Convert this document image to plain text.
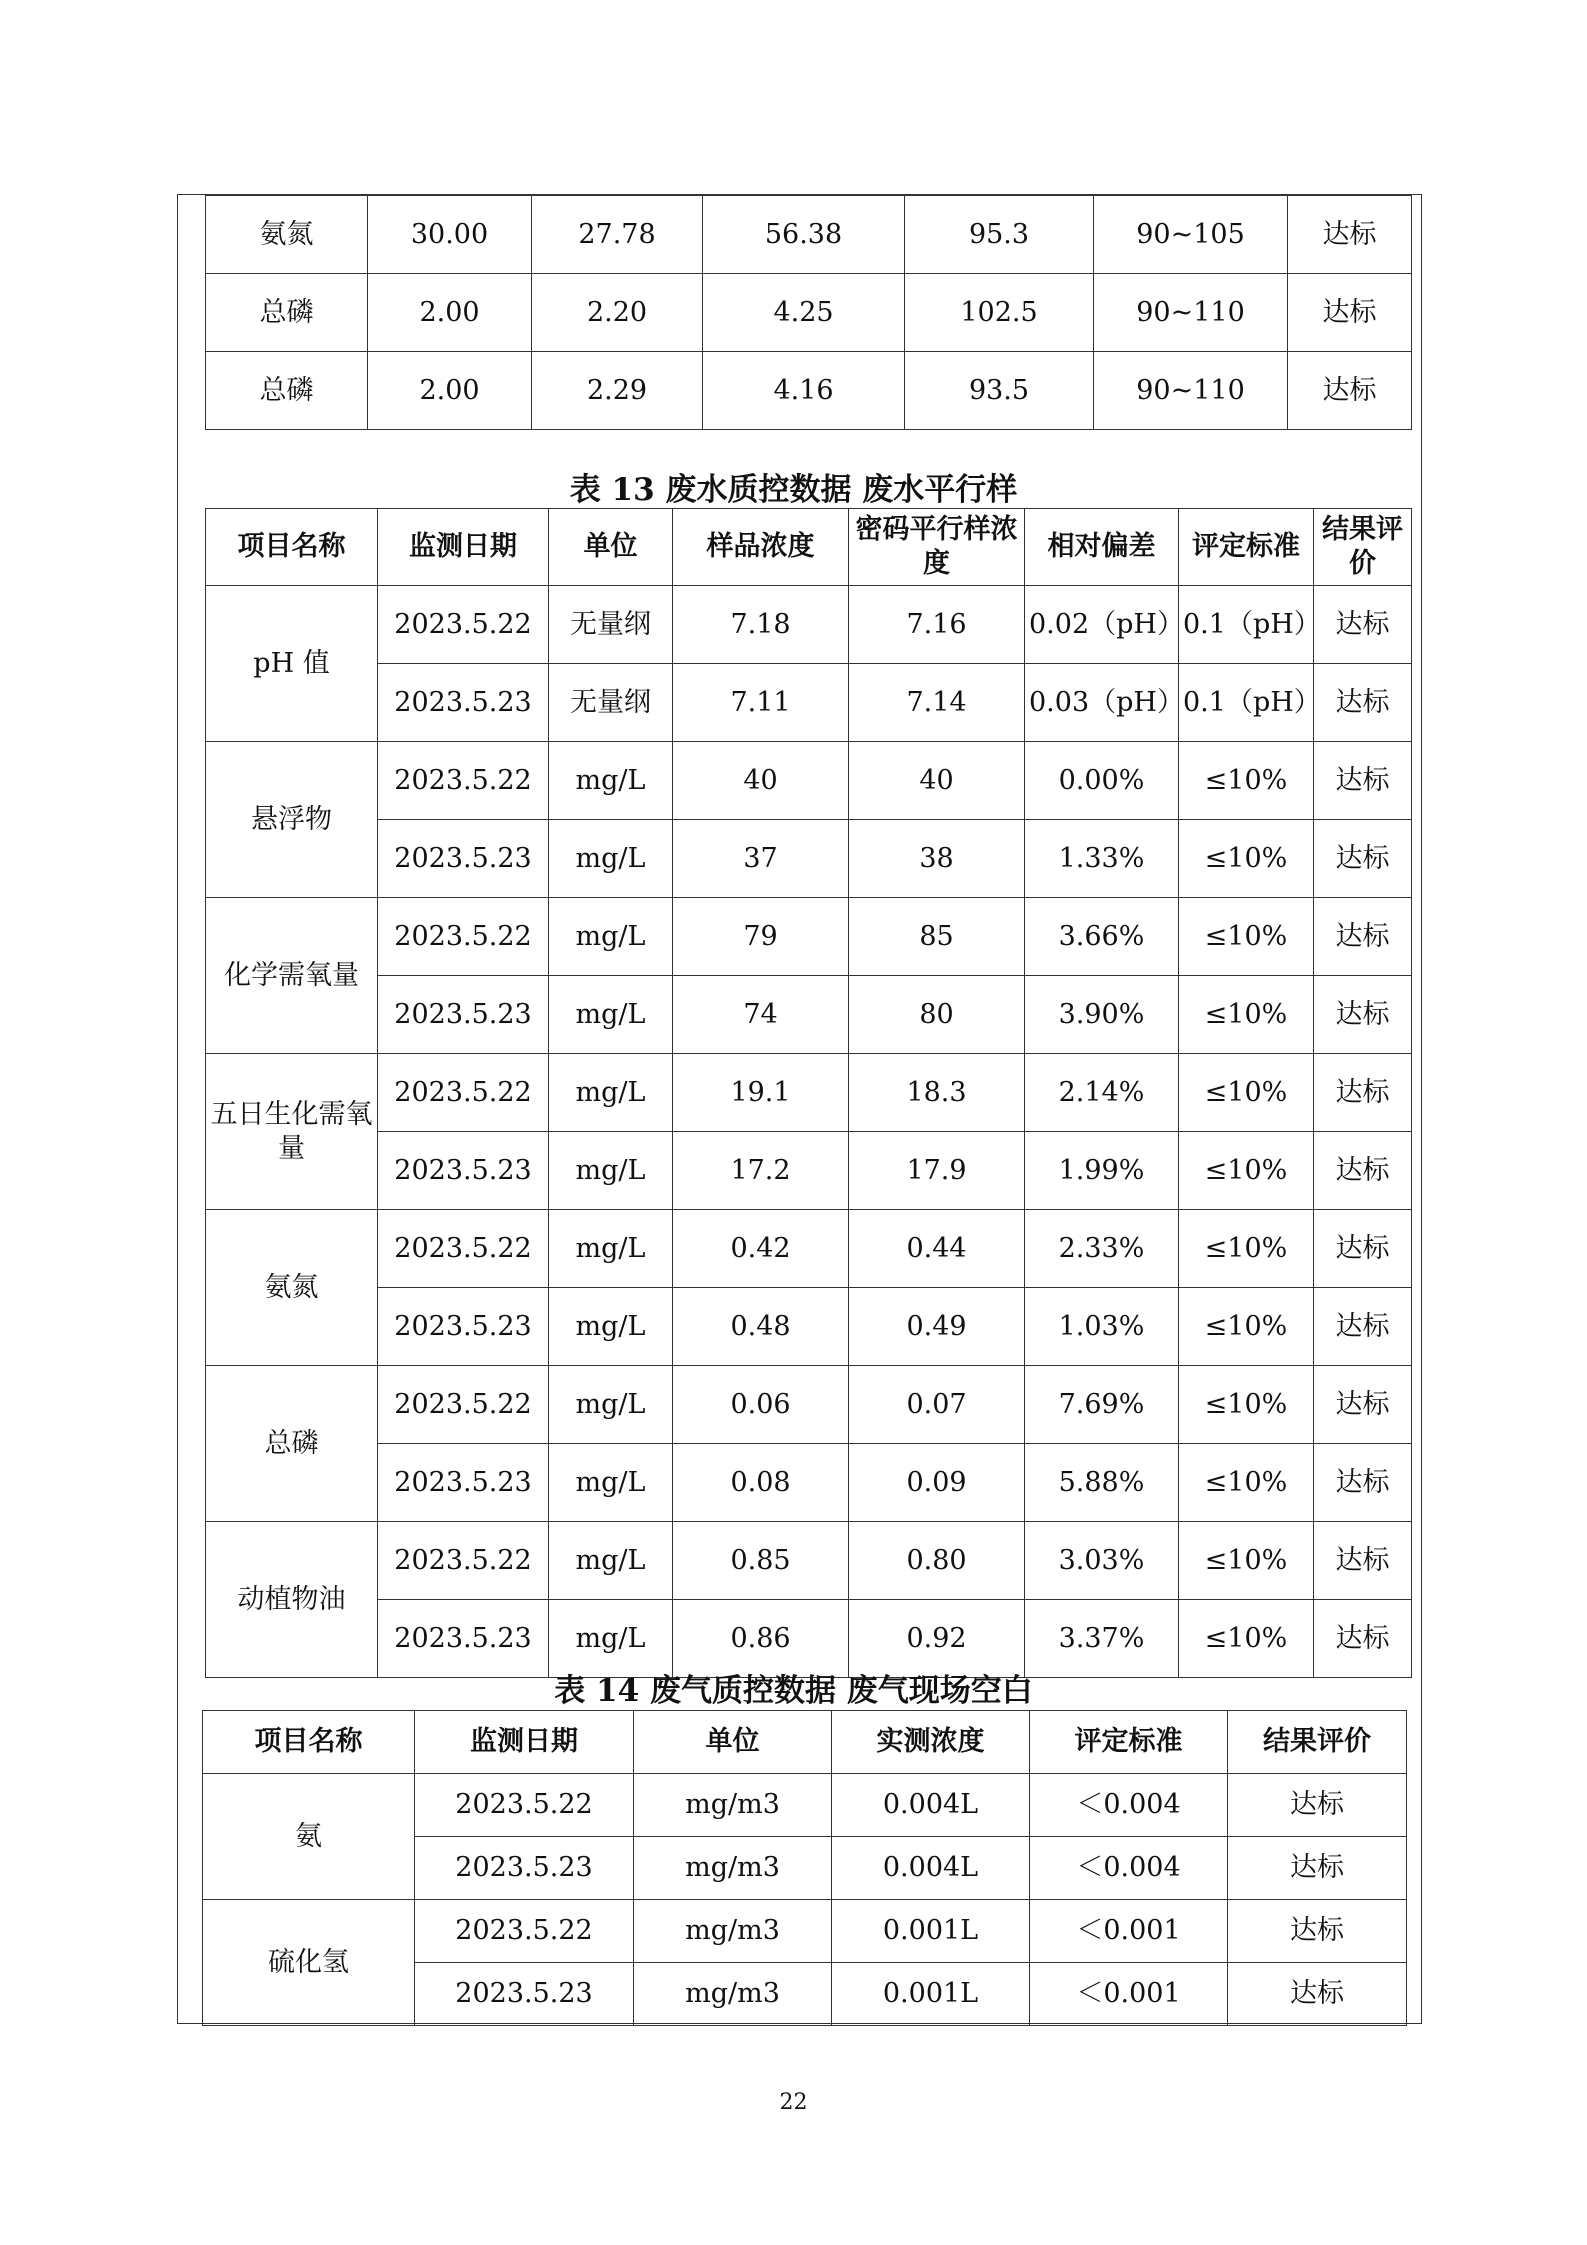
氨氮	30.00	27.78	56.38	95.3	90~105	达标
总磷	2.00	2.20	4.25	102.5	90~110	达标
总磷	2.00	2.29	4.16	93.5	90~110	达标
表 13 废水质控数据 废水平行样
项目名称	监测日期	单位	样品浓度	密码平行样浓度	相对偏差	评定标准	结果评价
pH 值	2023.5.22	无量纲	7.18	7.16	0.02（pH）	0.1（pH）	达标
	2023.5.23	无量纲	7.11	7.14	0.03（pH）	0.1（pH）	达标
悬浮物	2023.5.22	mg/L	40	40	0.00%	≤10%	达标
	2023.5.23	mg/L	37	38	1.33%	≤10%	达标
化学需氧量	2023.5.22	mg/L	79	85	3.66%	≤10%	达标
	2023.5.23	mg/L	74	80	3.90%	≤10%	达标
五日生化需氧量	2023.5.22	mg/L	19.1	18.3	2.14%	≤10%	达标
	2023.5.23	mg/L	17.2	17.9	1.99%	≤10%	达标
氨氮	2023.5.22	mg/L	0.42	0.44	2.33%	≤10%	达标
	2023.5.23	mg/L	0.48	0.49	1.03%	≤10%	达标
总磷	2023.5.22	mg/L	0.06	0.07	7.69%	≤10%	达标
	2023.5.23	mg/L	0.08	0.09	5.88%	≤10%	达标
动植物油	2023.5.22	mg/L	0.85	0.80	3.03%	≤10%	达标
	2023.5.23	mg/L	0.86	0.92	3.37%	≤10%	达标
表 14 废气质控数据 废气现场空白
项目名称	监测日期	单位	实测浓度	评定标准	结果评价
氨	2023.5.22	mg/m3	0.004L	＜0.004	达标
	2023.5.23	mg/m3	0.004L	＜0.004	达标
硫化氢	2023.5.22	mg/m3	0.001L	＜0.001	达标
	2023.5.23	mg/m3	0.001L	＜0.001	达标
22
